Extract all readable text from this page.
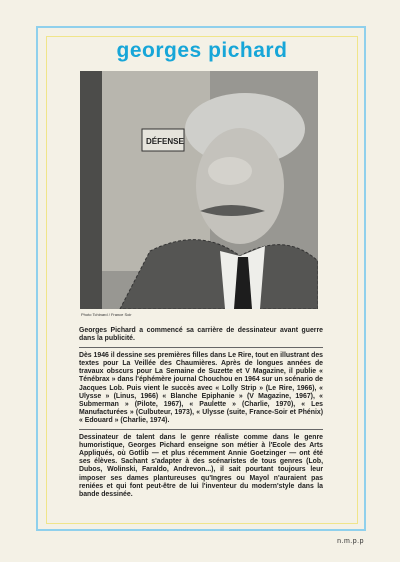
georges pichard
DÉFENSE
Photo Tchinard / France Soir

Georges Pichard a commencé sa carrière de dessinateur avant guerre dans la publicité.

Dès 1946 il dessine ses premières filles dans Le Rire, tout en illustrant des textes pour La Veillée des Chaumières. Après de longues années de travaux obscurs pour La Semaine de Suzette et V Magazine, il publie « Ténébrax » dans l'éphémère journal Chouchou en 1964 sur un scénario de Jacques Lob. Puis vient le succès avec « Lolly Strip » (Le Rire, 1966), « Ulysse » (Linus, 1966) « Blanche Epiphanie » (V Magazine, 1967), « Submerman » (Pilote, 1967), « Paulette » (Charlie, 1970), « Les Manufacturées » (Culbuteur, 1973), « Ulysse (suite, France-Soir et Phénix) « Edouard » (Charlie, 1974).

Dessinateur de talent dans le genre réaliste comme dans le genre humoristique, Georges Pichard enseigne son métier à l'Ecole des Arts Appliqués, où Gotlib — et plus récemment Annie Goetzinger — ont été ses élèves. Sachant s'adapter à des scénaristes de tous genres (Lob, Dubos, Wolinski, Faraldo, Andrevon...), il sait pourtant toujours leur imposer ses dames plantureuses qu'Ingres ou Mayol n'auraient pas reniées et qui font peut-être de lui l'inventeur du modern'style dans la bande dessinée.

n.m.p.p
